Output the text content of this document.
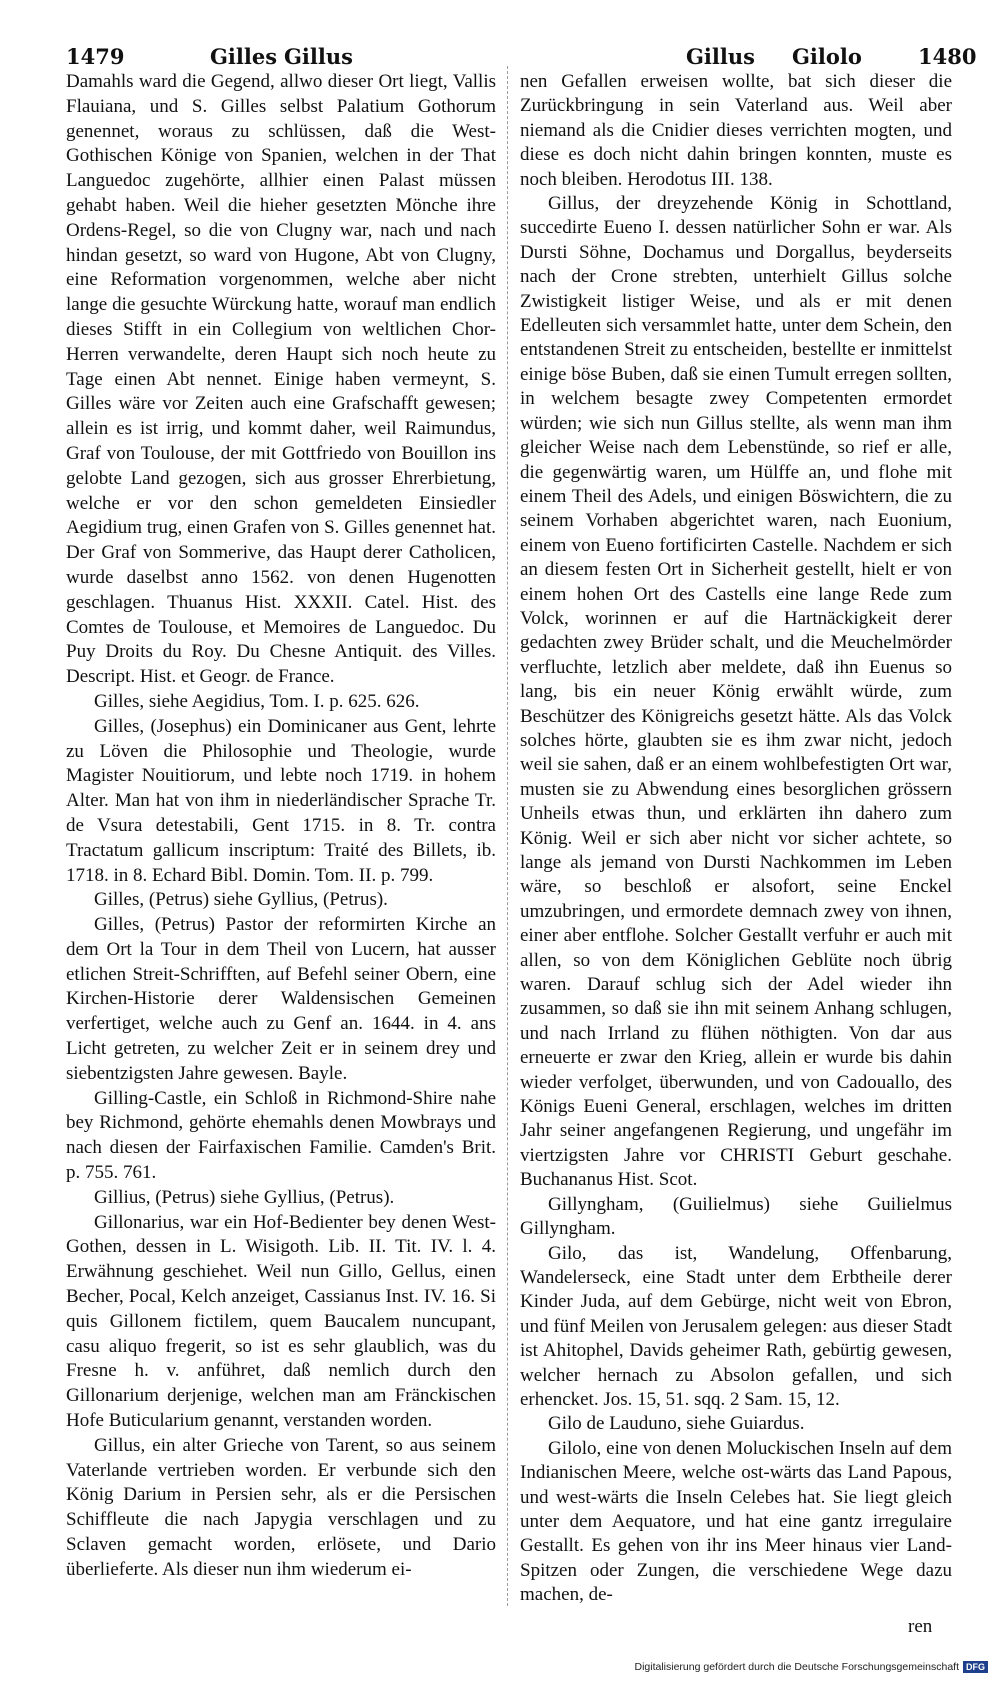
1479	Gilles Gillus	Gillus Gilolo	1480

Damahls ward die Gegend, allwo dieser Ort liegt, Vallis Flauiana, und S. Gilles selbst Palatium Gothorum genennet, woraus zu schlüssen, daß die West-Gothischen Könige von Spanien, welchen in der That Languedoc zugehörte, allhier einen Palast müssen gehabt haben. Weil die hieher gesetzten Mönche ihre Ordens-Regel, so die von Clugny war, nach und nach hindan gesetzt, so ward von Hugone, Abt von Clugny, eine Reformation vorgenommen, welche aber nicht lange die gesuchte Würckung hatte, worauf man endlich dieses Stifft in ein Collegium von weltlichen Chor-Herren verwandelte, deren Haupt sich noch heute zu Tage einen Abt nennet. Einige haben vermeynt, S. Gilles wäre vor Zeiten auch eine Grafschafft gewesen; allein es ist irrig, und kommt daher, weil Raimundus, Graf von Toulouse, der mit Gottfriedo von Bouillon ins gelobte Land gezogen, sich aus grosser Ehrerbietung, welche er vor den schon gemeldeten Einsiedler Aegidium trug, einen Grafen von S. Gilles genennet hat. Der Graf von Sommerive, das Haupt derer Catholicen, wurde daselbst anno 1562. von denen Hugenotten geschlagen. Thuanus Hist. XXXII. Catel. Hist. des Comtes de Toulouse, et Memoires de Languedoc. Du Puy Droits du Roy. Du Chesne Antiquit. des Villes. Descript. Hist. et Geogr. de France.

Gilles, siehe Aegidius, Tom. I. p. 625. 626.

Gilles, (Josephus) ein Dominicaner aus Gent, lehrte zu Löven die Philosophie und Theologie, wurde Magister Nouitiorum, und lebte noch 1719. in hohem Alter. Man hat von ihm in niederländischer Sprache Tr. de Vsura detestabili, Gent 1715. in 8. Tr. contra Tractatum gallicum inscriptum: Traité des Billets, ib. 1718. in 8. Echard Bibl. Domin. Tom. II. p. 799.

Gilles, (Petrus) siehe Gyllius, (Petrus).

Gilles, (Petrus) Pastor der reformirten Kirche an dem Ort la Tour in dem Theil von Lucern, hat ausser etlichen Streit-Schrifften, auf Befehl seiner Obern, eine Kirchen-Historie derer Waldensischen Gemeinen verfertiget, welche auch zu Genf an. 1644. in 4. ans Licht getreten, zu welcher Zeit er in seinem drey und siebentzigsten Jahre gewesen. Bayle.

Gilling-Castle, ein Schloß in Richmond-Shire nahe bey Richmond, gehörte ehemahls denen Mowbrays und nach diesen der Fairfaxischen Familie. Camden's Brit. p. 755. 761.

Gillius, (Petrus) siehe Gyllius, (Petrus).

Gillonarius, war ein Hof-Bedienter bey denen West-Gothen, dessen in L. Wisigoth. Lib. II. Tit. IV. l. 4. Erwähnung geschiehet. Weil nun Gillo, Gellus, einen Becher, Pocal, Kelch anzeiget, Cassianus Inst. IV. 16. Si quis Gillonem fictilem, quem Baucalem nuncupant, casu aliquo fregerit, so ist es sehr glaublich, was du Fresne h. v. anführet, daß nemlich durch den Gillonarium derjenige, welchen man am Fränckischen Hofe Buticularium genannt, verstanden worden.

Gillus, ein alter Grieche von Tarent, so aus seinem Vaterlande vertrieben worden. Er verbunde sich den König Darium in Persien sehr, als er die Persischen Schiffleute die nach Japygia verschlagen und zu Sclaven gemacht worden, erlösete, und Dario überlieferte. Als dieser nun ihm wiederum ei-

nen Gefallen erweisen wollte, bat sich dieser die Zurückbringung in sein Vaterland aus. Weil aber niemand als die Cnidier dieses verrichten mogten, und diese es doch nicht dahin bringen konnten, muste es noch bleiben. Herodotus III. 138.

Gillus, der dreyzehende König in Schottland, succedirte Eueno I. dessen natürlicher Sohn er war. Als Dursti Söhne, Dochamus und Dorgallus, beyderseits nach der Crone strebten, unterhielt Gillus solche Zwistigkeit listiger Weise, und als er mit denen Edelleuten sich versammlet hatte, unter dem Schein, den entstandenen Streit zu entscheiden, bestellte er inmittelst einige böse Buben, daß sie einen Tumult erregen sollten, in welchem besagte zwey Competenten ermordet würden; wie sich nun Gillus stellte, als wenn man ihm gleicher Weise nach dem Lebenstünde, so rief er alle, die gegenwärtig waren, um Hülffe an, und flohe mit einem Theil des Adels, und einigen Böswichtern, die zu seinem Vorhaben abgerichtet waren, nach Euonium, einem von Eueno fortificirten Castelle. Nachdem er sich an diesem festen Ort in Sicherheit gestellt, hielt er von einem hohen Ort des Castells eine lange Rede zum Volck, worinnen er auf die Hartnäckigkeit derer gedachten zwey Brüder schalt, und die Meuchelmörder verfluchte, letzlich aber meldete, daß ihn Euenus so lang, bis ein neuer König erwählt würde, zum Beschützer des Königreichs gesetzt hätte. Als das Volck solches hörte, glaubten sie es ihm zwar nicht, jedoch weil sie sahen, daß er an einem wohlbefestigten Ort war, musten sie zu Abwendung eines besorglichen grössern Unheils etwas thun, und erklärten ihn dahero zum König. Weil er sich aber nicht vor sicher achtete, so lange als jemand von Dursti Nachkommen im Leben wäre, so beschloß er alsofort, seine Enckel umzubringen, und ermordete demnach zwey von ihnen, einer aber entflohe. Solcher Gestallt verfuhr er auch mit allen, so von dem Königlichen Geblüte noch übrig waren. Darauf schlug sich der Adel wieder ihn zusammen, so daß sie ihn mit seinem Anhang schlugen, und nach Irrland zu flühen nöthigten. Von dar aus erneuerte er zwar den Krieg, allein er wurde bis dahin wieder verfolget, überwunden, und von Cadouallo, des Königs Eueni General, erschlagen, welches im dritten Jahr seiner angefangenen Regierung, und ungefähr im viertzigsten Jahre vor CHRISTI Geburt geschahe. Buchananus Hist. Scot.

Gillyngham, (Guilielmus) siehe Guilielmus Gillyngham.

Gilo, das ist, Wandelung, Offenbarung, Wandelerseck, eine Stadt unter dem Erbtheile derer Kinder Juda, auf dem Gebürge, nicht weit von Ebron, und fünf Meilen von Jerusalem gelegen: aus dieser Stadt ist Ahitophel, Davids geheimer Rath, gebürtig gewesen, welcher hernach zu Absolon gefallen, und sich erhencket. Jos. 15, 51. sqq. 2 Sam. 15, 12.

Gilo de Lauduno, siehe Guiardus.

Gilolo, eine von denen Moluckischen Inseln auf dem Indianischen Meere, welche ost-wärts das Land Papous, und west-wärts die Inseln Celebes hat. Sie liegt gleich unter dem Aequatore, und hat eine gantz irregulaire Gestallt. Es gehen von ihr ins Meer hinaus vier Land-Spitzen oder Zungen, die verschiedene Wege dazu machen, de-

ren
Digitalisierung gefördert durch die Deutsche Forschungsgemeinschaft DFG
